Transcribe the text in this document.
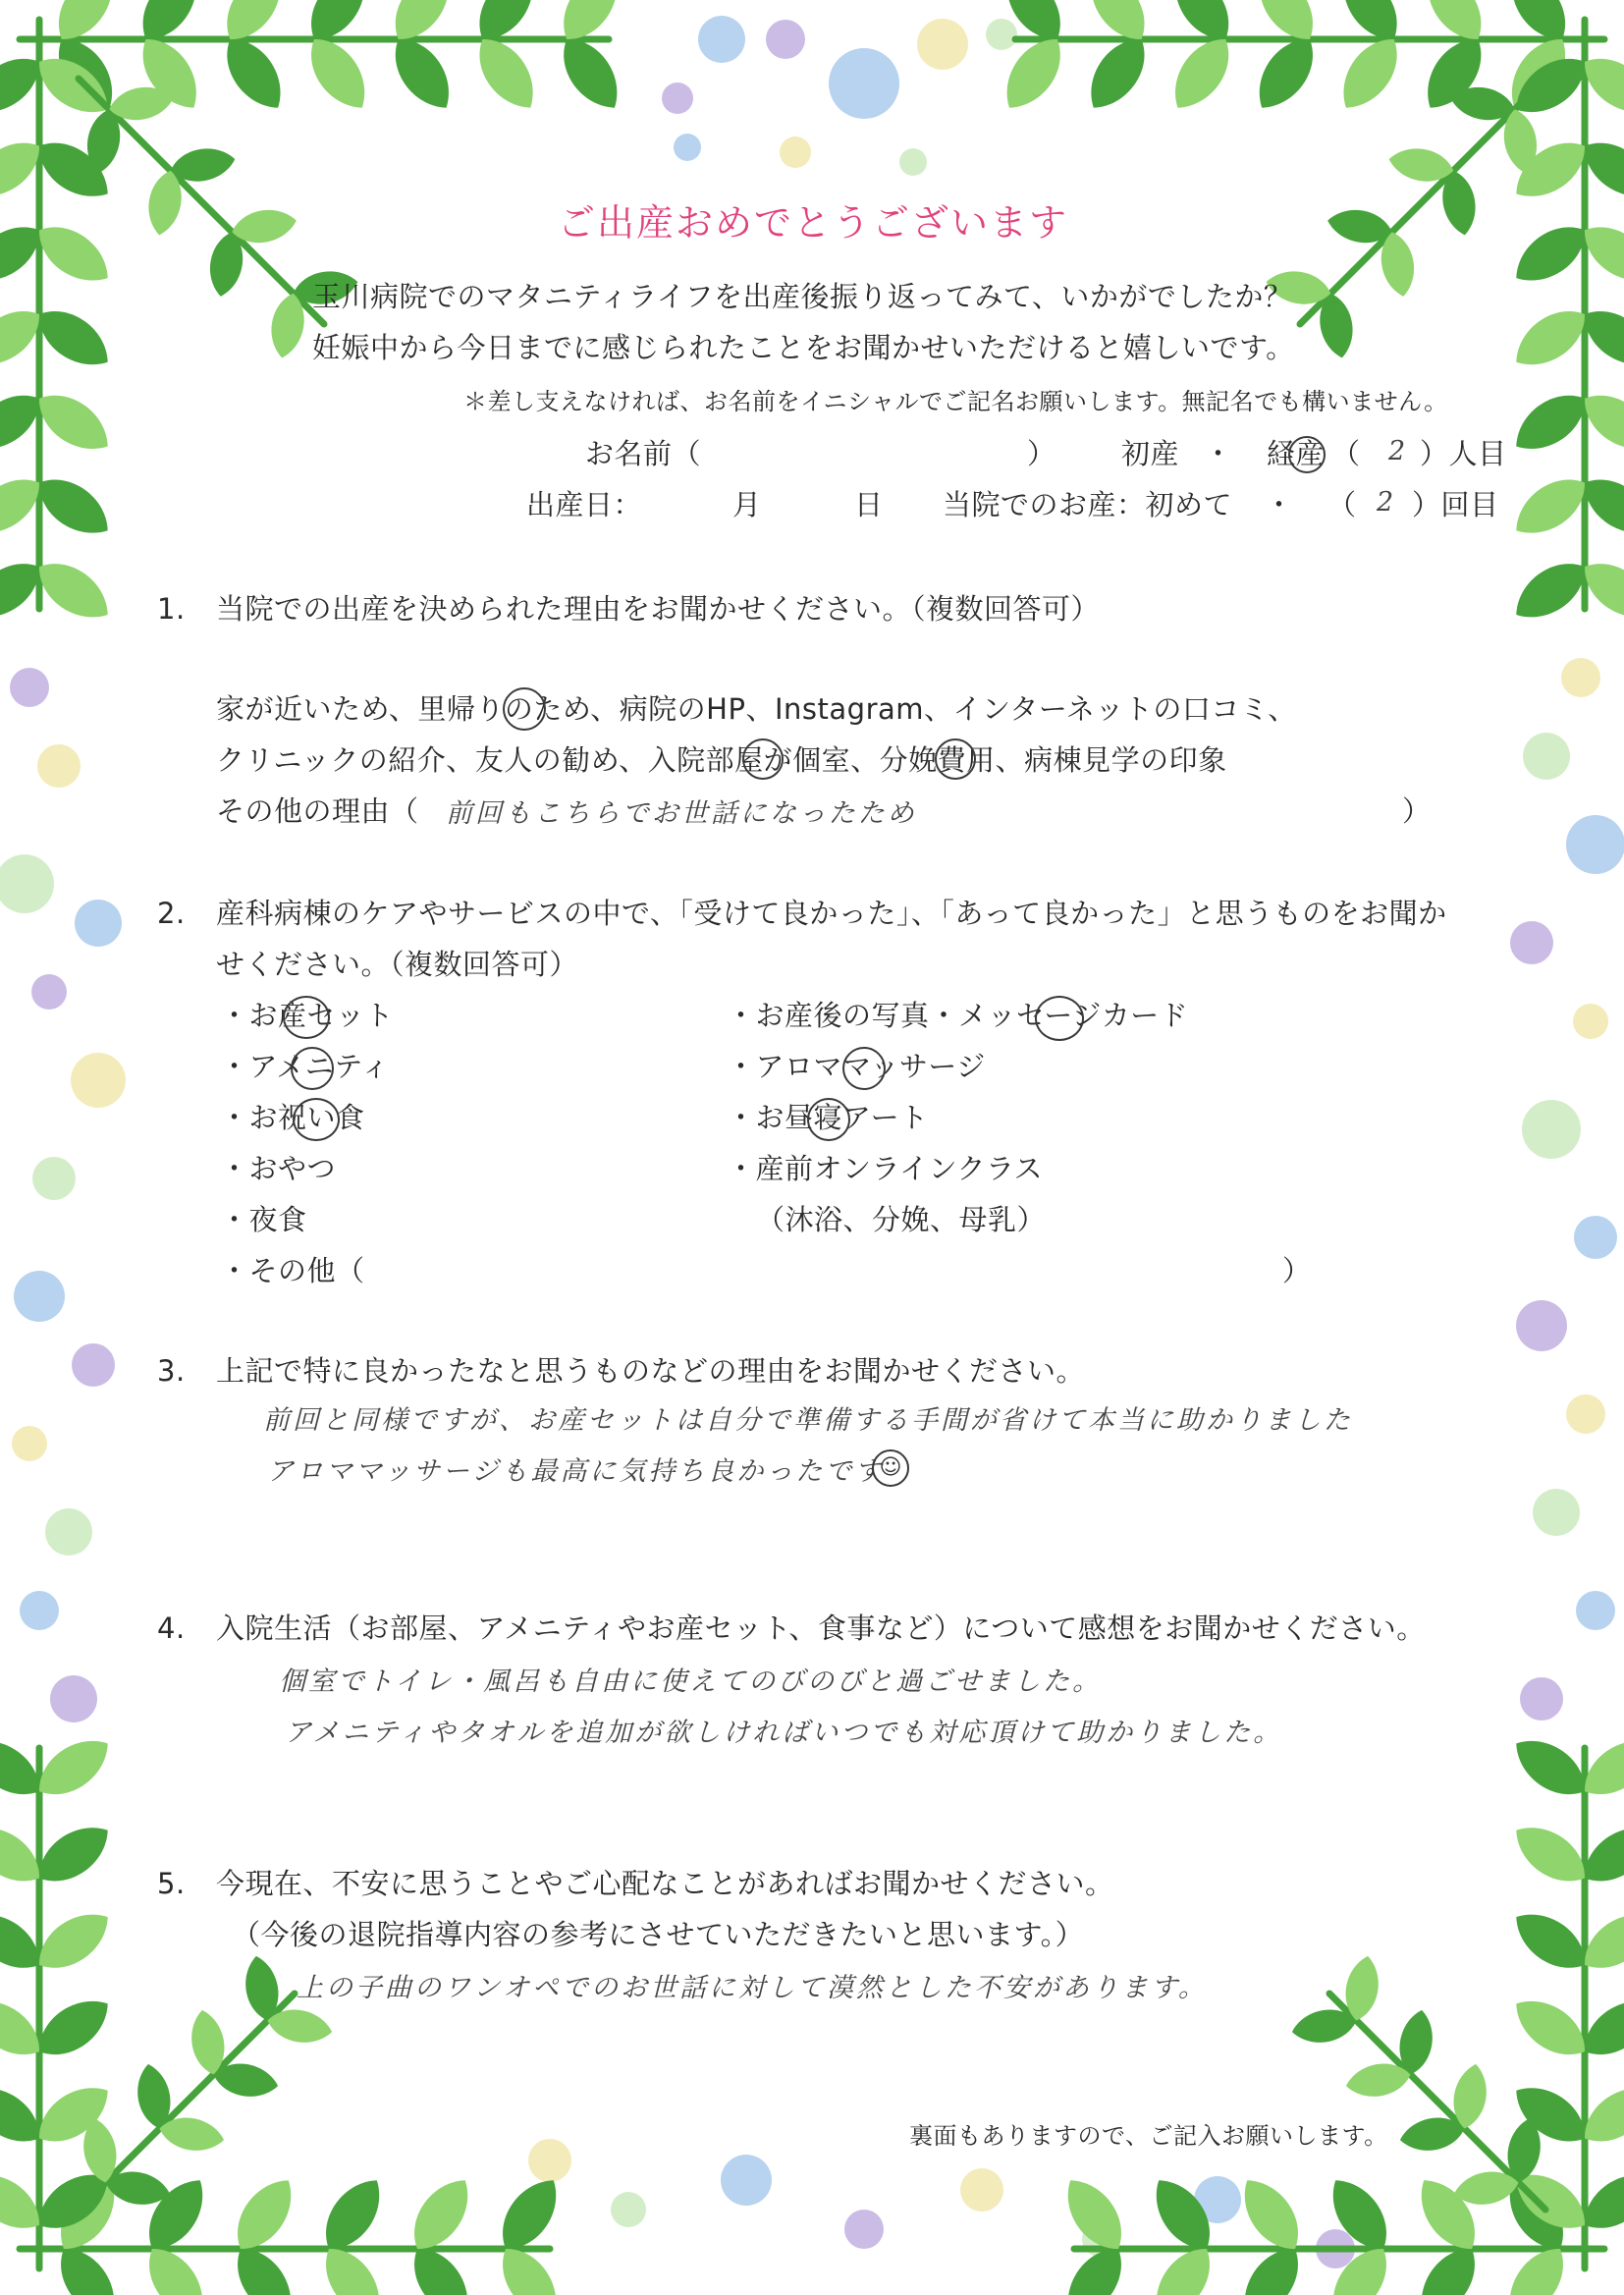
ご出産おめでとうございます
玉川病院でのマタニティライフを出産後振り返ってみて、いかがでしたか？
妊娠中から今日までに感じられたことをお聞かせいただけると嬉しいです。
＊差し支えなければ、お名前をイニシャルでご記名お願いします。無記名でも構いません。
お名前（	） 初産 ・ 経産 （ 2 ）人目
出産日：	月	日 当院でのお産：初めて ・ （ 2 ）回目
1. 当院での出産を決められた理由をお聞かせください。（複数回答可）
家が近いため、里帰りのため、病院のHP、Instagram、インターネットの口コミ、
クリニックの紹介、友人の勧め、入院部屋が個室、分娩費用、病棟見学の印象
その他の理由（	）
前回もこちらでお世話になったため
2. 産科病棟のケアやサービスの中で、「受けて良かった」、「あって良かった」と思うものをお聞か
せください。（複数回答可）
・お産セット
・アメニティ
・お祝い食
・おやつ
・夜食
・その他（	）
・お産後の写真・メッセージカード
・アロママッサージ
・お昼寝アート
・産前オンラインクラス
（沐浴、分娩、母乳）
3. 上記で特に良かったなと思うものなどの理由をお聞かせください。
前回と同様ですが、お産セットは自分で準備する手間が省けて本当に助かりました
アロママッサージも最高に気持ち良かったです
☺
4. 入院生活（お部屋、アメニティやお産セット、食事など）について感想をお聞かせください。
個室でトイレ・風呂も自由に使えてのびのびと過ごせました。
アメニティやタオルを追加が欲しければいつでも対応頂けて助かりました。
5. 今現在、不安に思うことやご心配なことがあればお聞かせください。
（今後の退院指導内容の参考にさせていただきたいと思います。）
上の子曲のワンオペでのお世話に対して漠然とした不安があります。
裏面もありますので、ご記入お願いします。
